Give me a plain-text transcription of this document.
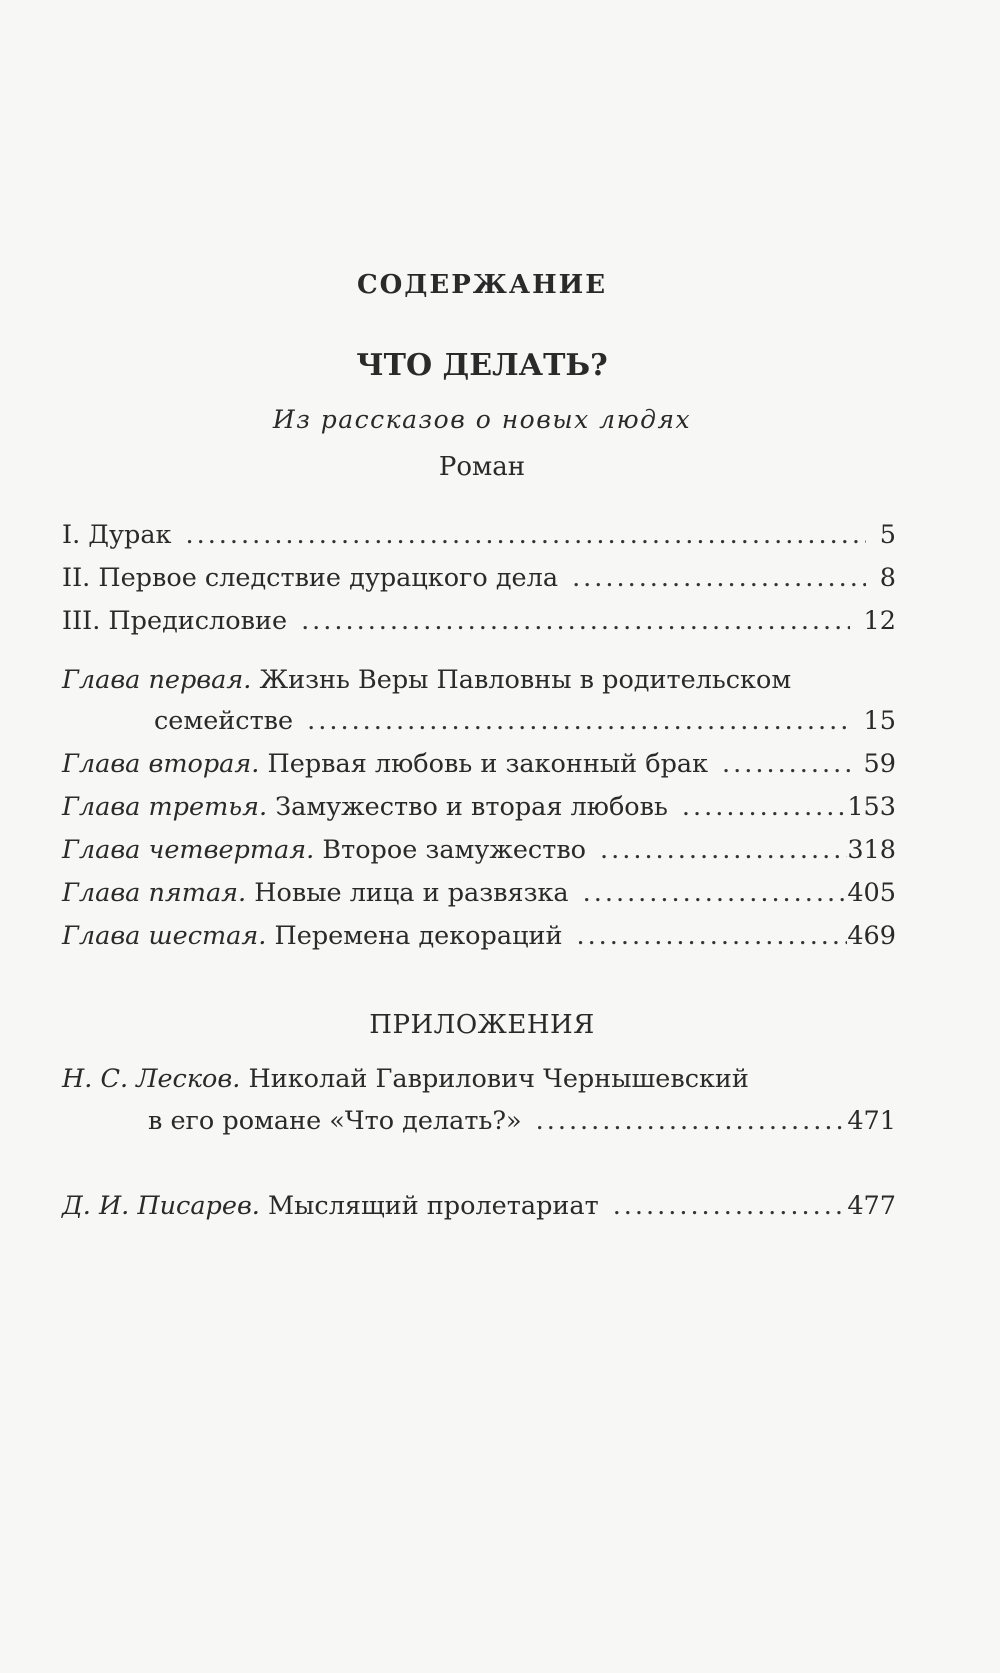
СОДЕРЖАНИЕ
ЧТО ДЕЛАТЬ?
Из рассказов о новых людях
Роман
I. Дурак .....	5
II. Первое следствие дурацкого дела .....	8
III. Предисловие .....	12
Глава первая. Жизнь Веры Павловны в родительском
семействе .....	15
Глава вторая.
Первая любовь и законный брак .....	59
Глава третья.
Замужество и вторая любовь .....	153
Глава четвертая.
Второе замужество .....	318
Глава пятая.
Новые лица и развязка .....	405
Глава шестая.
Перемена декораций .....	469
ПРИЛОЖЕНИЯ
Н. С. Лесков. Николай Гаврилович Чернышевский
в его романе «Что делать?» .....	471
Д. И. Писарев.
Мыслящий пролетариат .....	477
